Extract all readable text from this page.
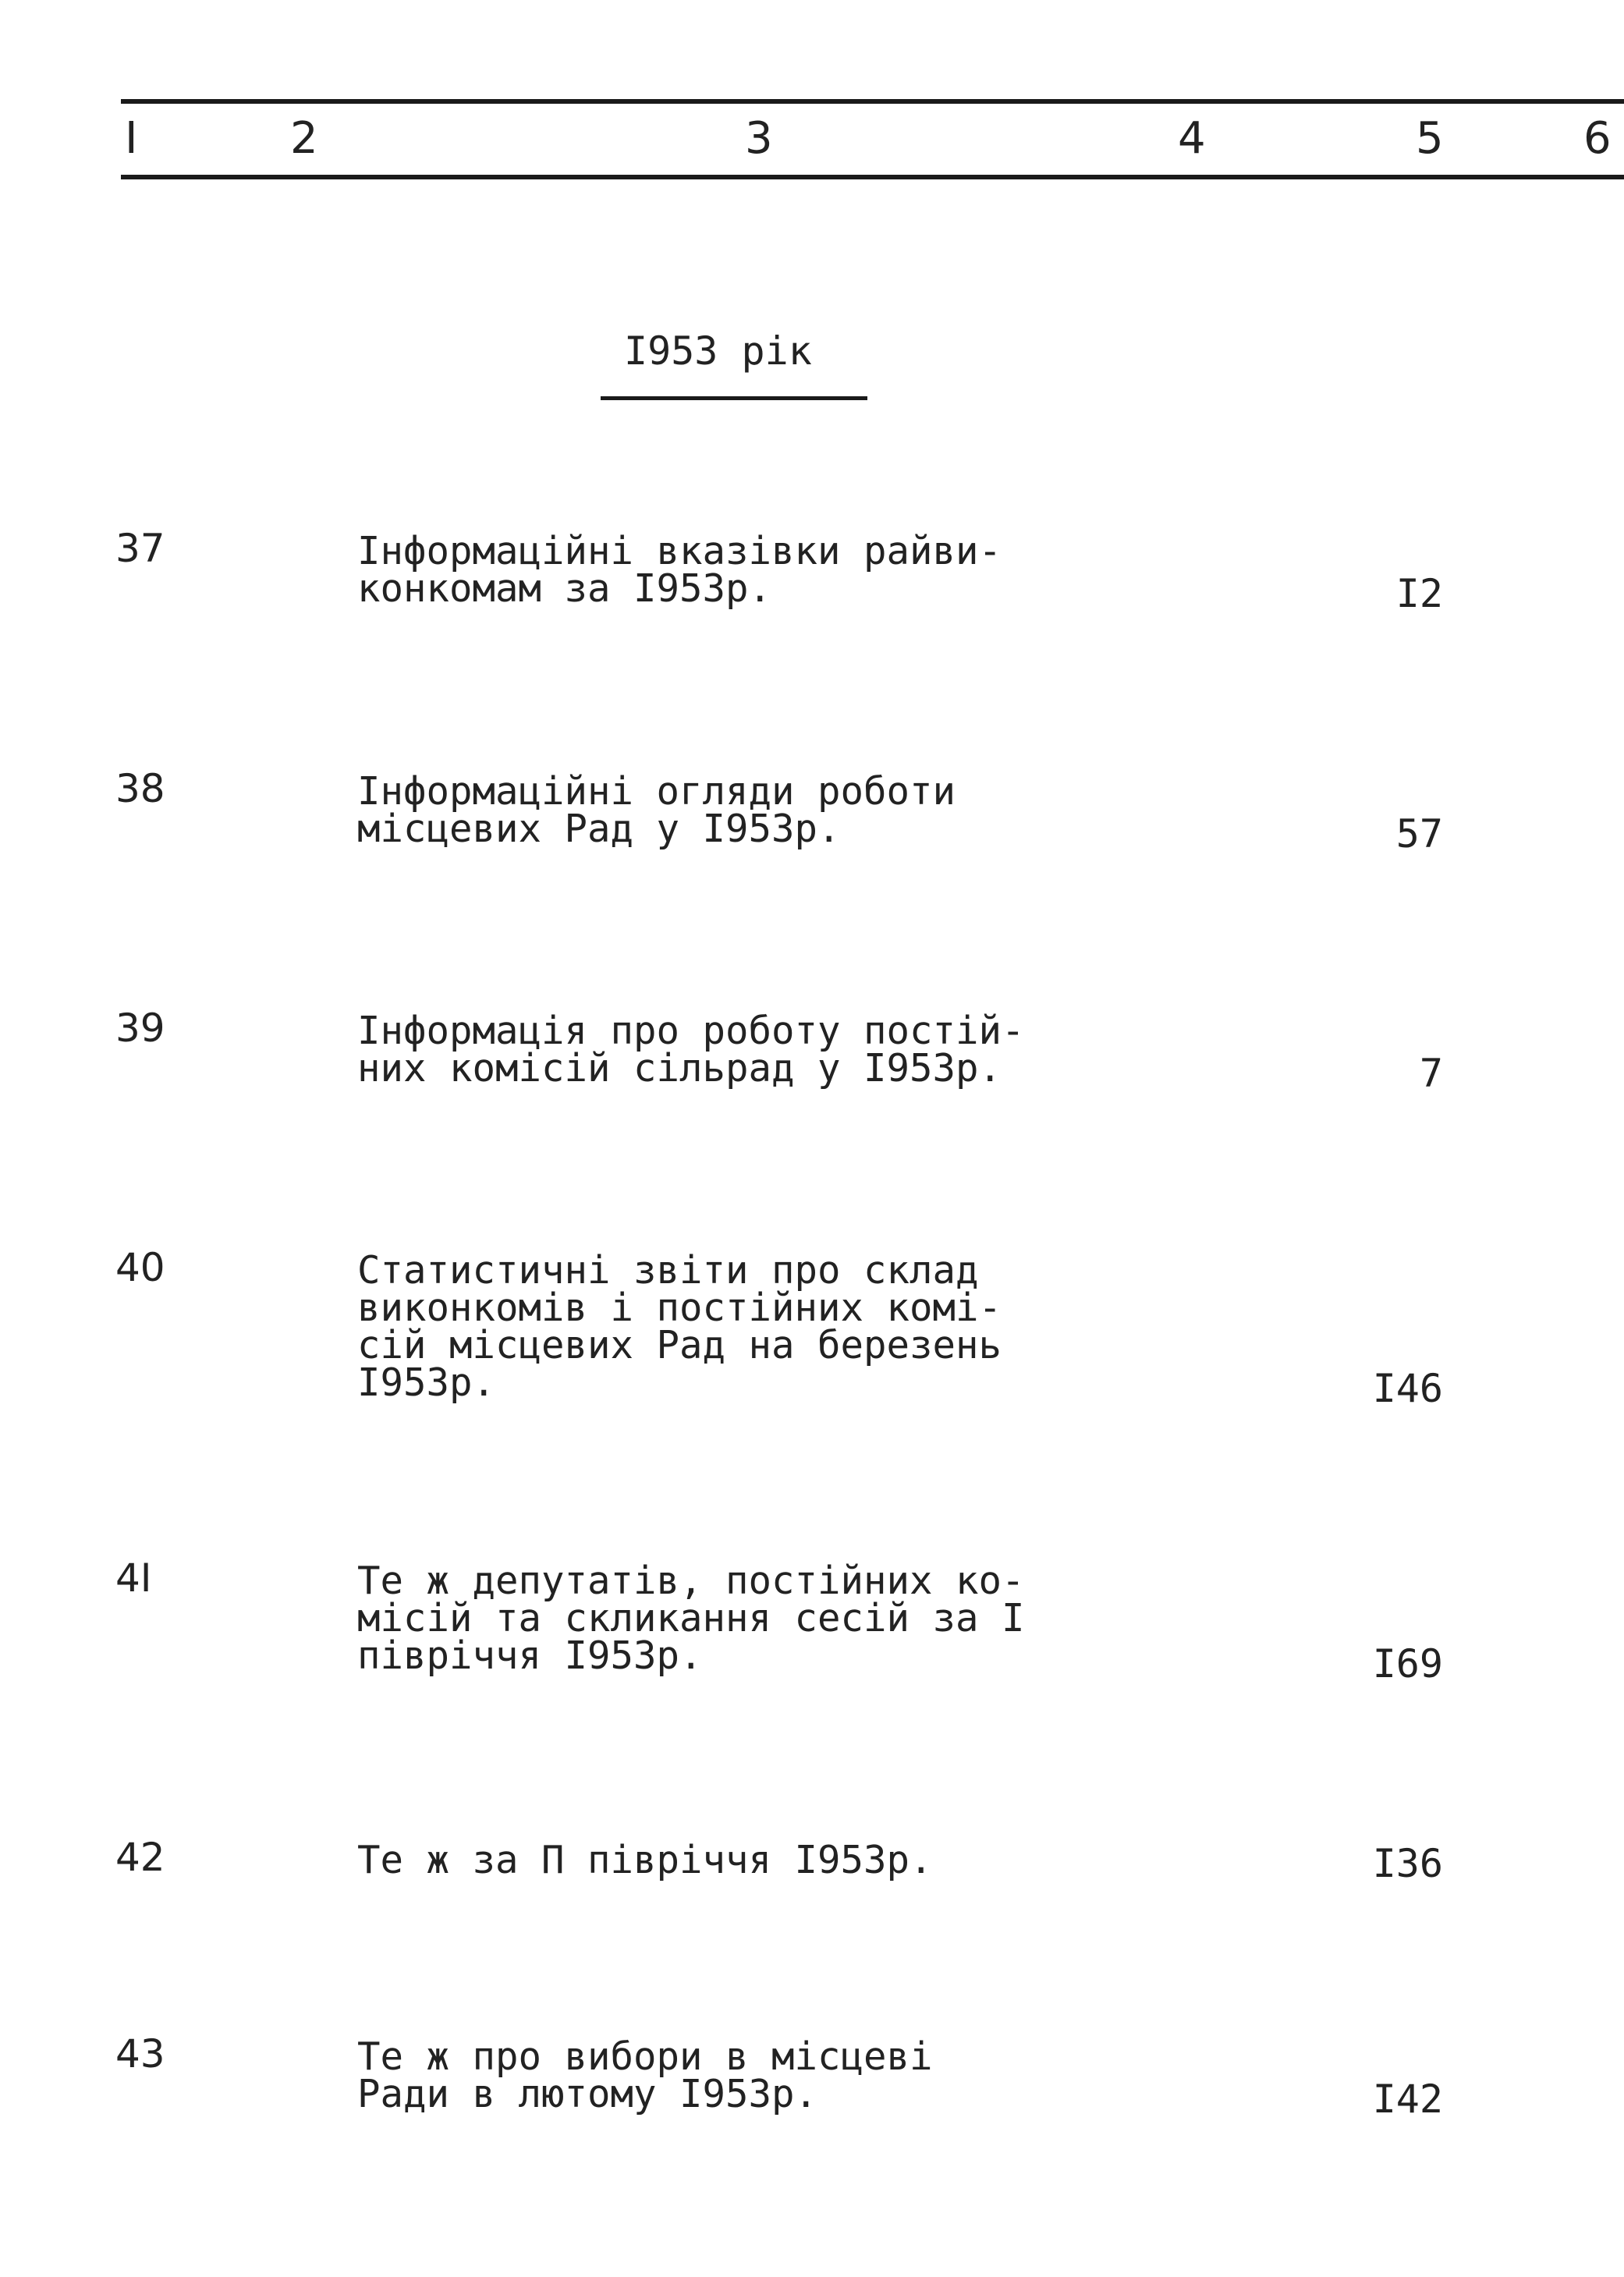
I	2	3	4	5	6
I953 рік
37	Інформаційні вказівки райви-
конкомам за I953р.	I2
38	Інформаційні огляди роботи
місцевих Рад у I953р.	57
39	Інформація про роботу постій-
них комісій сільрад у I953р.	7
40	Статистичні звіти про склад
виконкомів і постійних комі-
сій місцевих Рад на березень
I953р.	I46
4I	Те ж депутатів, постійних ко-
місій та скликання сесій за I
півріччя I953р.	I69
42	Те ж за П півріччя I953р.	I36
43	Те ж про вибори в місцеві
Ради в лютому I953р.	I42
